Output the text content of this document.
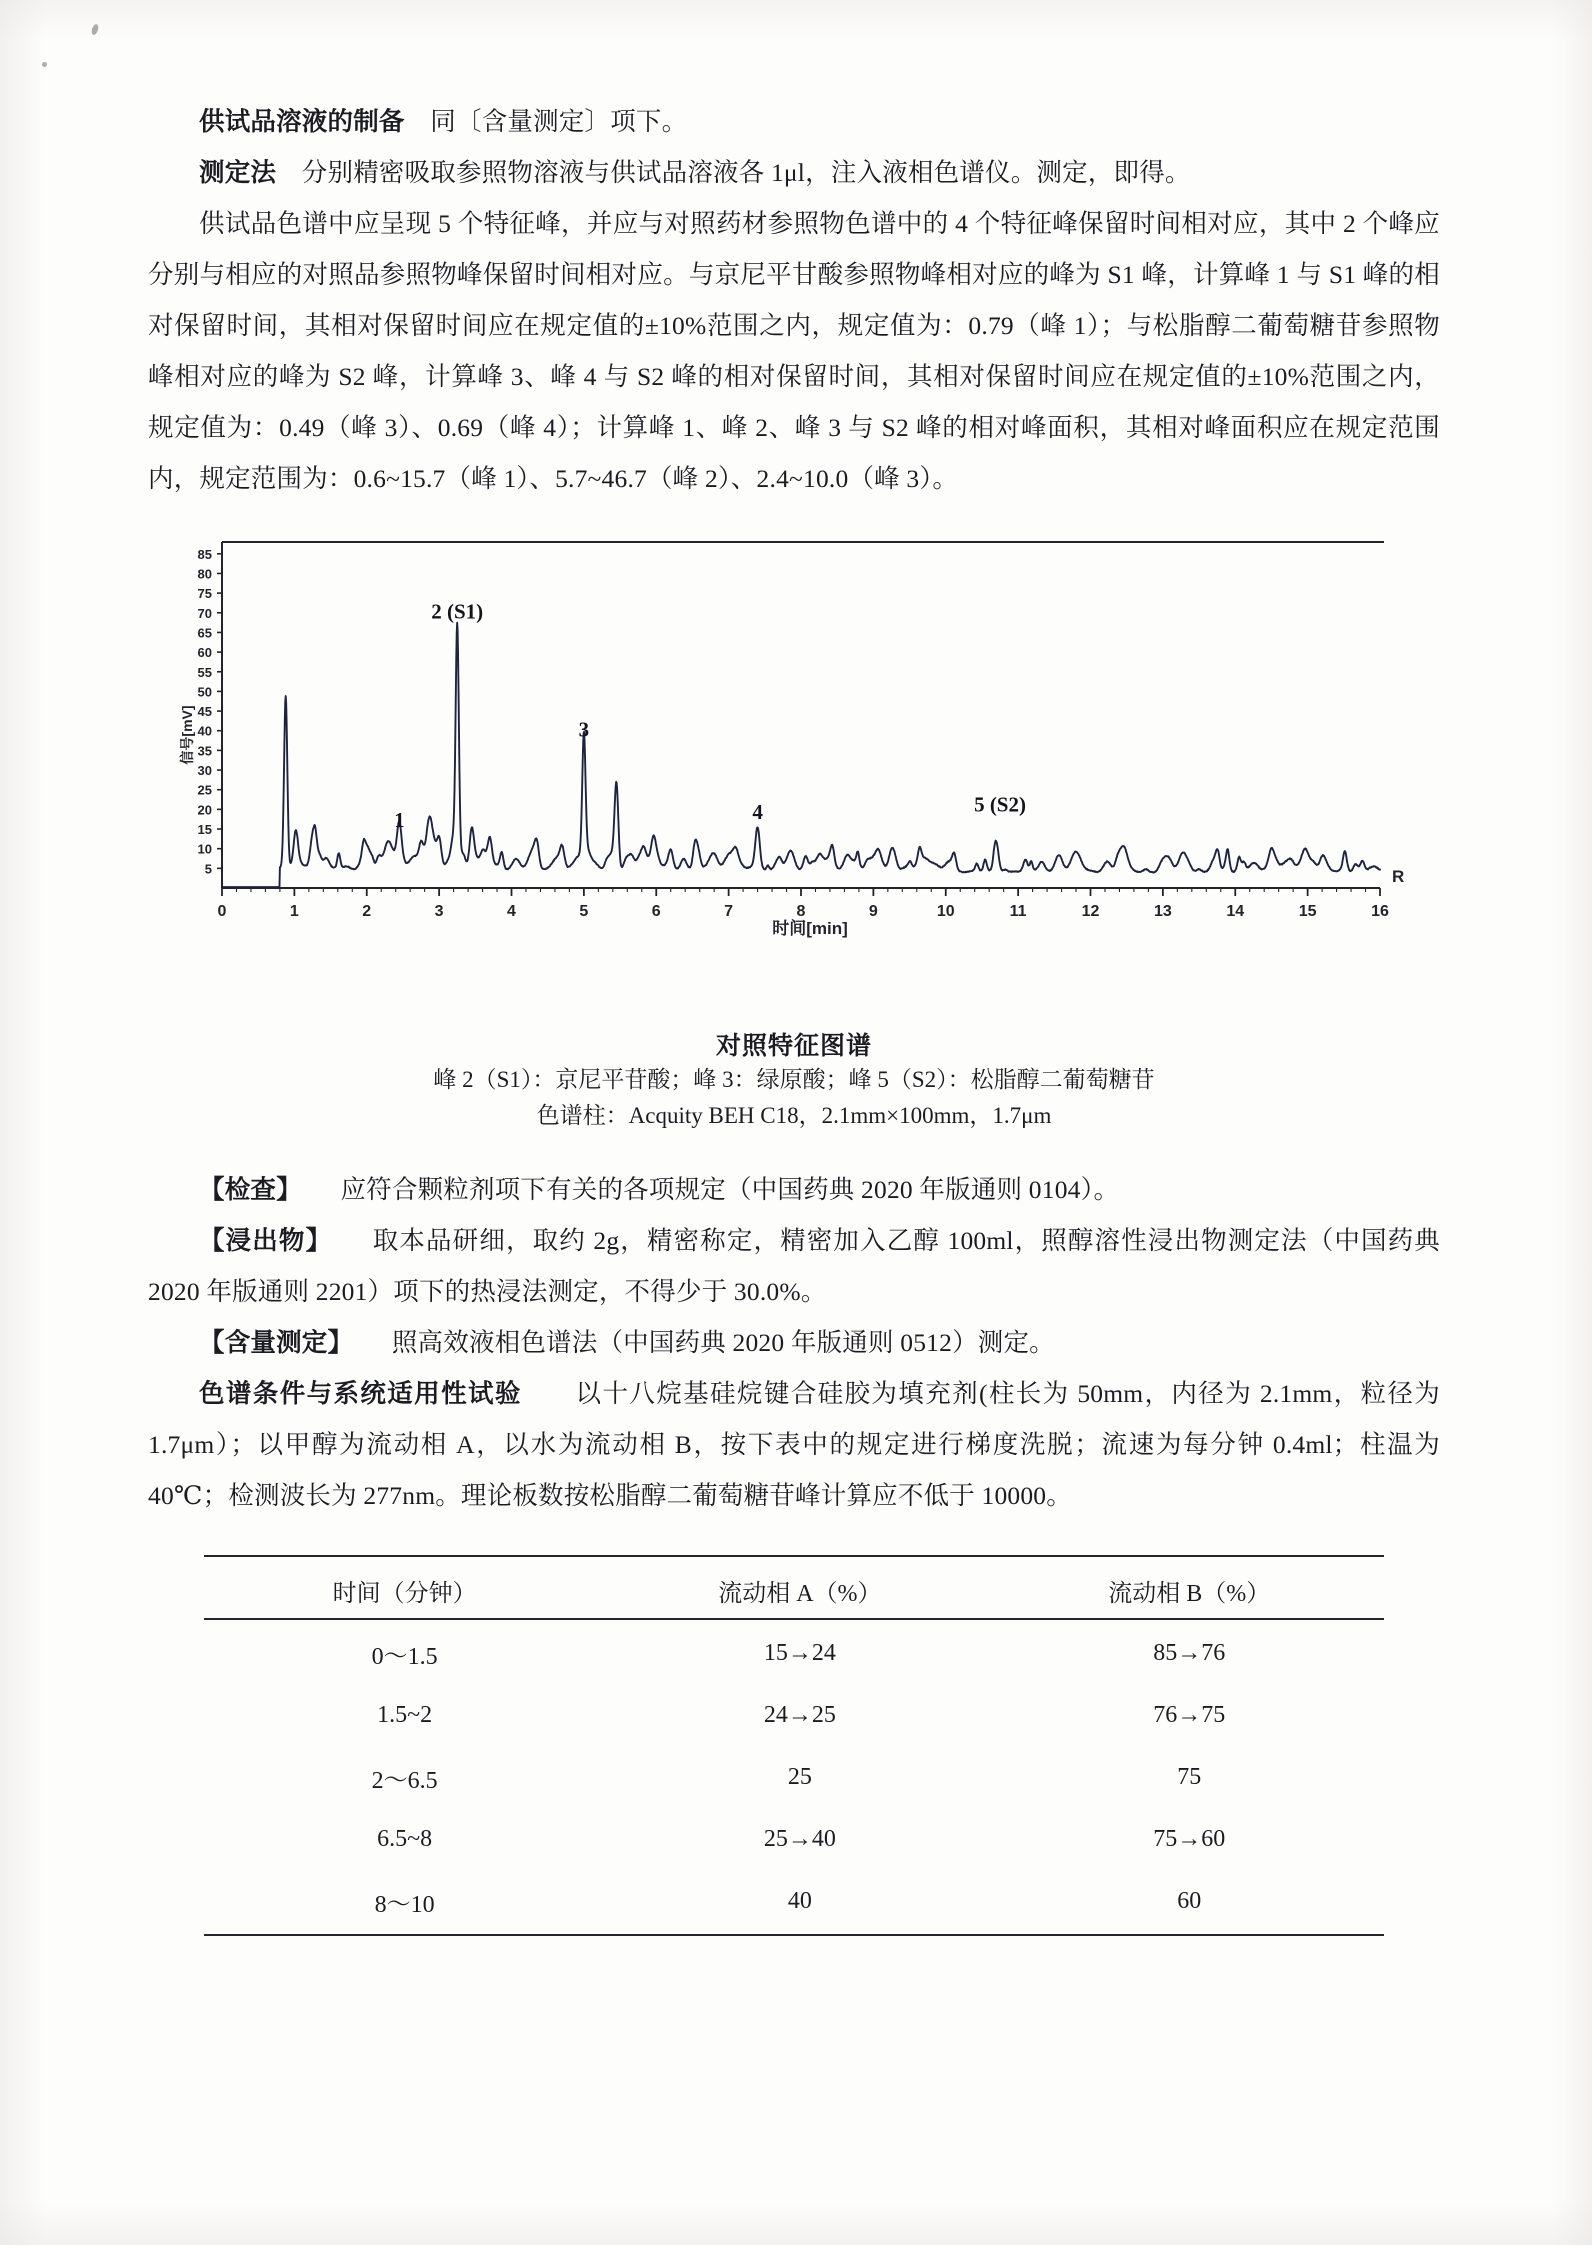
供试品溶液的制备　同〔含量测定〕项下。

测定法　分别精密吸取参照物溶液与供试品溶液各 1μl，注入液相色谱仪。测定，即得。

供试品色谱中应呈现 5 个特征峰，并应与对照药材参照物色谱中的 4 个特征峰保留时间相对应，其中 2 个峰应分别与相应的对照品参照物峰保留时间相对应。与京尼平甘酸参照物峰相对应的峰为 S1 峰，计算峰 1 与 S1 峰的相对保留时间，其相对保留时间应在规定值的±10%范围之内，规定值为：0.79（峰 1）；与松脂醇二葡萄糖苷参照物峰相对应的峰为 S2 峰，计算峰 3、峰 4 与 S2 峰的相对保留时间，其相对保留时间应在规定值的±10%范围之内，规定值为：0.49（峰 3）、0.69（峰 4）；计算峰 1、峰 2、峰 3 与 S2 峰的相对峰面积，其相对峰面积应在规定范围内，规定范围为：0.6~15.7（峰 1）、5.7~46.7（峰 2）、2.4~10.0（峰 3）。

5
10
15
20
25
30
35
40
45
50
55
60
65
70
75
80
85
0	1	2	3	4	5	6	7	8	9	10	11	12	13	14	15	16
信号[mV]
时间[min]
R
1
2 (S1)
3
4	5 (S2)
对照特征图谱
峰 2（S1）：京尼平苷酸；峰 3：绿原酸；峰 5（S2）：松脂醇二葡萄糖苷
色谱柱：Acquity BEH C18，2.1mm×100mm，1.7μm

【检查】　　应符合颗粒剂项下有关的各项规定（中国药典 2020 年版通则 0104）。

【浸出物】　　取本品研细，取约 2g，精密称定，精密加入乙醇 100ml，照醇溶性浸出物测定法（中国药典 2020 年版通则 2201）项下的热浸法测定，不得少于 30.0%。

【含量测定】　　照高效液相色谱法（中国药典 2020 年版通则 0512）测定。

色谱条件与系统适用性试验　　以十八烷基硅烷键合硅胶为填充剂(柱长为 50mm，内径为 2.1mm，粒径为 1.7μm）；以甲醇为流动相 A，以水为流动相 B，按下表中的规定进行梯度洗脱；流速为每分钟 0.4ml；柱温为 40℃；检测波长为 277nm。理论板数按松脂醇二葡萄糖苷峰计算应不低于 10000。

时间（分钟）	流动相 A（%）	流动相 B（%）
0～1.5	15→24	85→76
1.5~2	24→25	76→75
2～6.5	25	75
6.5~8	25→40	75→60
8～10	40	60
